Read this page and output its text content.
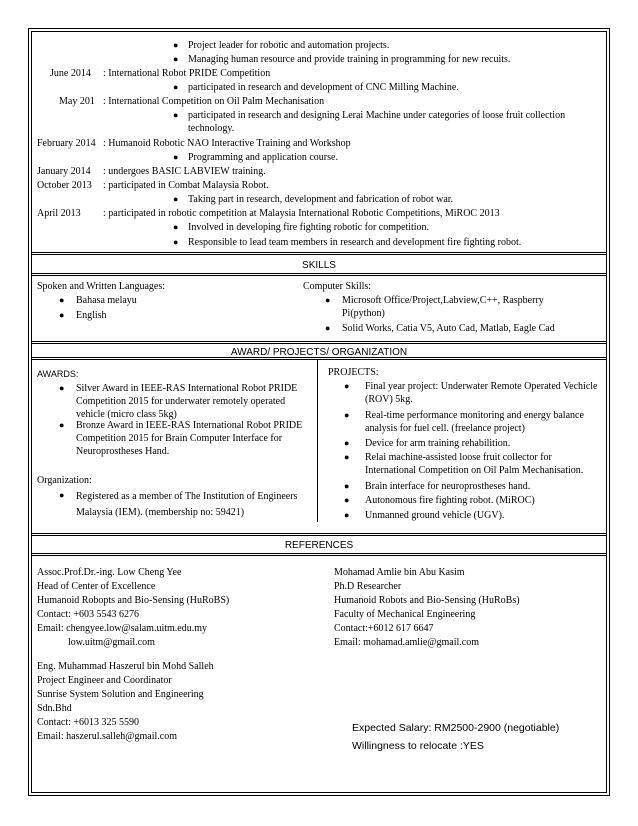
● Project leader for robotic and automation projects.
● Managing human resource and provide training in programming for new recuits.
June 2014 : International Robot PRIDE Competition
● participated in research and development of CNC Milling Machine.
May 201 : International Competition on Oil Palm Mechanisation
● participated in research and designing Lerai Machine under categories of loose fruit collection technology.
February 2014 : Humanoid Robotic NAO Interactive Training and Workshop
● Programming and application course.
January 2014 : undergoes BASIC LABVIEW training.
October 2013 : participated in Combat Malaysia Robot.
● Taking part in research, development and fabrication of robot war.
April 2013 : participated in robotic competition at Malaysia International Robotic Competitions, MiROC 2013
● Involved in developing fire fighting robotic for competition.
● Responsible to lead team members in research and development fire fighting robot.
SKILLS
Spoken and Written Languages:
● Bahasa melayu
● English
Computer Skills:
● Microsoft Office/Project,Labview,C++, Raspberry Pi(python)
● Solid Works, Catia V5, Auto Cad, Matlab, Eagle Cad
AWARD/ PROJECTS/ ORGANIZATION
AWARDS:
● Silver Award in IEEE-RAS International Robot PRIDE Competition 2015 for underwater remotely operated vehicle (micro class 5kg)
● Bronze Award in IEEE-RAS International Robot PRIDE Competition 2015 for Brain Computer Interface for Neuroprostheses Hand.
Organization:
● Registered as a member of The Institution of Engineers Malaysia (IEM). (membership no: 59421)
PROJECTS:
● Final year project: Underwater Remote Operated Vechicle (ROV) 5kg.
● Real-time performance monitoring and energy balance analysis for fuel cell. (freelance project)
● Device for arm training rehabilition.
● Relai machine-assisted loose fruit collector for International Competition on Oil Palm Mechanisation.
● Brain interface for neuroprostheses hand.
● Autonomous fire fighting robot. (MiROC)
● Unmanned ground vehicle (UGV).
REFERENCES
Assoc.Prof.Dr.-ing. Low Cheng Yee
Head of Center of Excellence
Humanoid Robopts and Bio-Sensing (HuRoBS)
Contact: +603 5543 6276
Email: chengyee.low@salam.uitm.edu.my
low.uitm@gmail.com
Mohamad Amlie bin Abu Kasim
Ph.D Researcher
Humanoid Robots and Bio-Sensing (HuRoBs)
Faculty of Mechanical Engineering
Contact:+6012 617 6647
Email: mohamad.amlie@gmail.com
Eng. Muhammad Haszerul bin Mohd Salleh
Project Engineer and Coordinator
Sunrise System Solution and Engineering
Sdn.Bhd
Contact: +6013 325 5590
Email: haszerul.salleh@gmail.com
Expected Salary: RM2500-2900 (negotiable)
Willingness to relocate :YES
